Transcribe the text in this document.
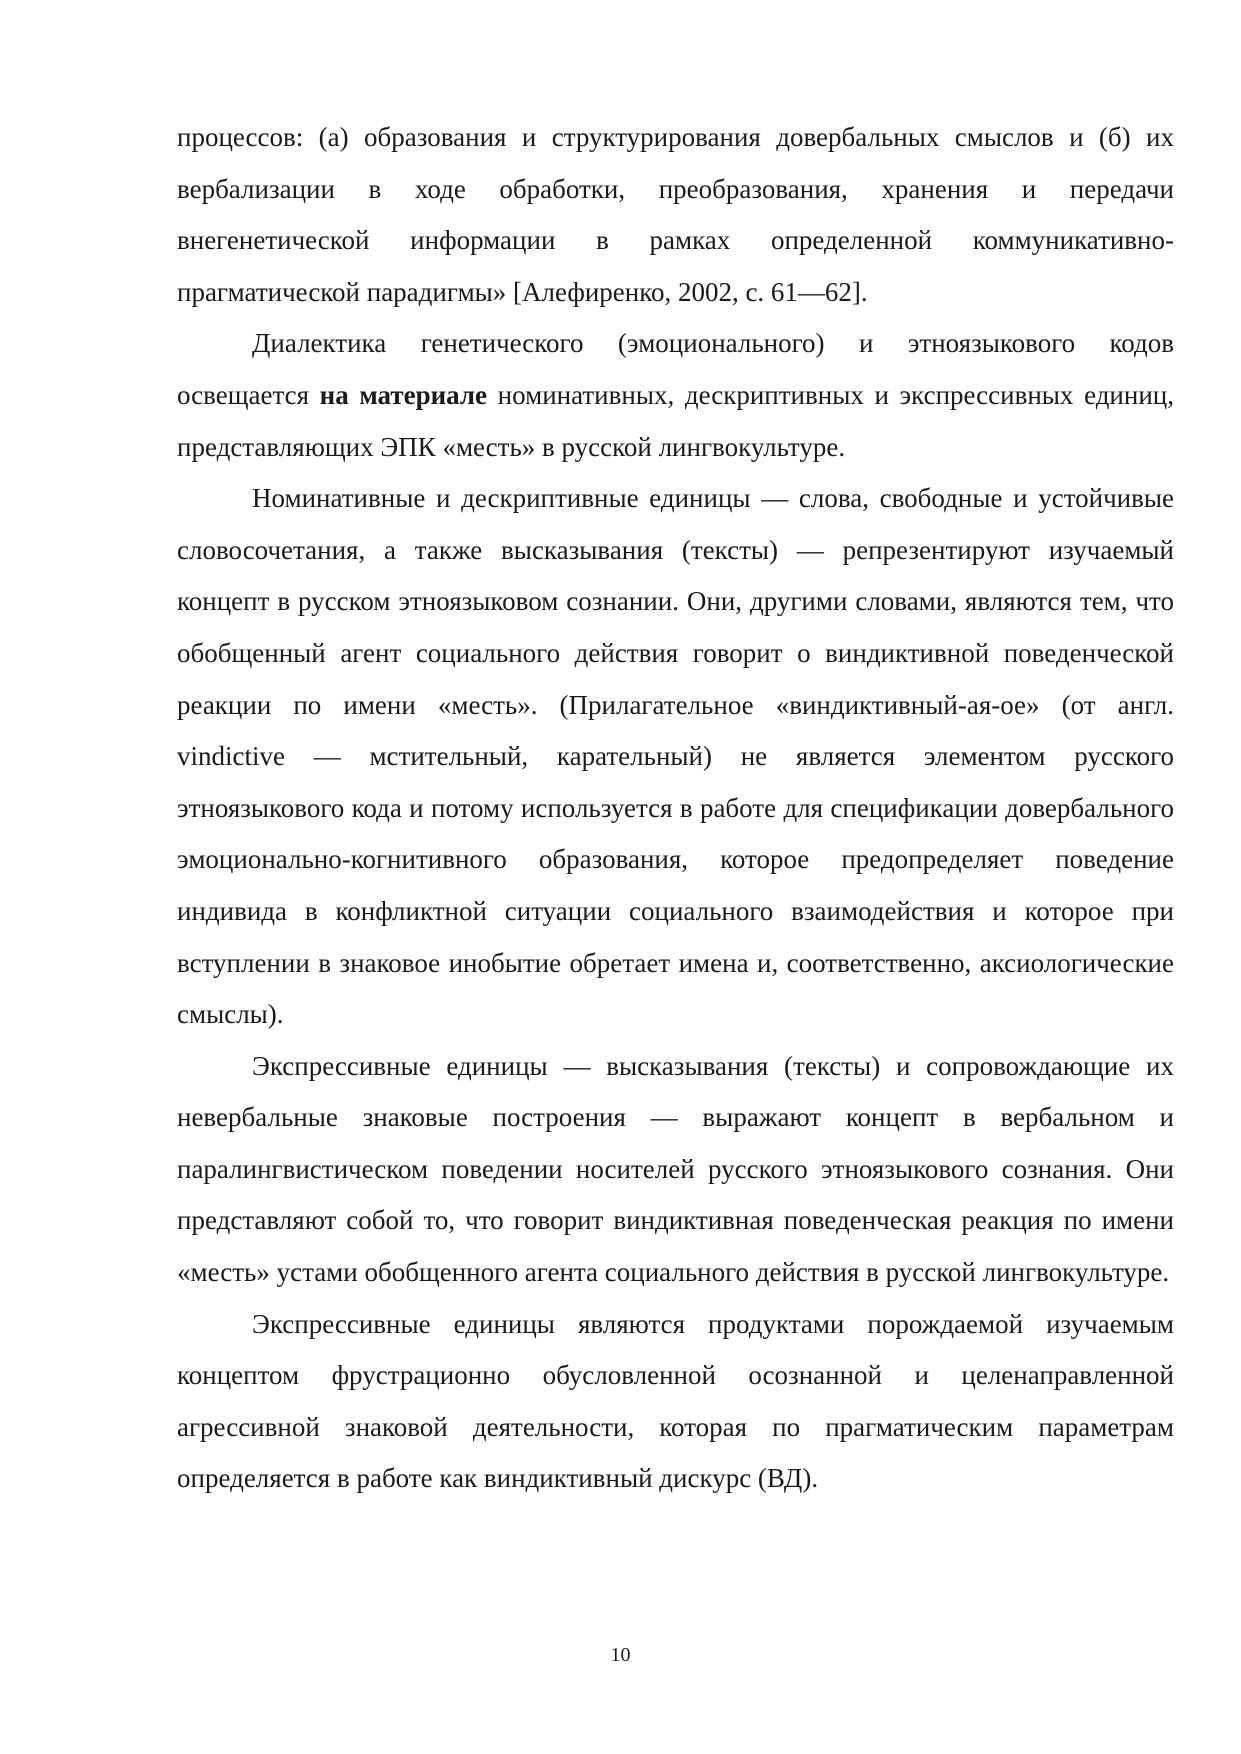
процессов: (а) образования и структурирования довербальных смыслов и (б) их вербализации в ходе обработки, преобразования, хранения и передачи внегенетической информации в рамках определенной коммуникативно-прагматической парадигмы» [Алефиренко, 2002, с. 61—62].

Диалектика генетического (эмоционального) и этноязыкового кодов освещается на материале номинативных, дескриптивных и экспрессивных единиц, представляющих ЭПК «месть» в русской лингвокультуре.

Номинативные и дескриптивные единицы — слова, свободные и устойчивые словосочетания, а также высказывания (тексты) — репрезентируют изучаемый концепт в русском этноязыковом сознании. Они, другими словами, являются тем, что обобщенный агент социального действия говорит о виндиктивной поведенческой реакции по имени «месть». (Прилагательное «виндиктивный-ая-ое» (от англ. vindictive — мстительный, карательный) не является элементом русского этноязыкового кода и потому используется в работе для спецификации довербального эмоционально-когнитивного образования, которое предопределяет поведение индивида в конфликтной ситуации социального взаимодействия и которое при вступлении в знаковое инобытие обретает имена и, соответственно, аксиологические смыслы).

Экспрессивные единицы — высказывания (тексты) и сопровождающие их невербальные знаковые построения — выражают концепт в вербальном и паралингвистическом поведении носителей русского этноязыкового сознания. Они представляют собой то, что говорит виндиктивная поведенческая реакция по имени «месть» устами обобщенного агента социального действия в русской лингвокультуре.

Экспрессивные единицы являются продуктами порождаемой изучаемым концептом фрустрационно обусловленной осознанной и целенаправленной агрессивной знаковой деятельности, которая по прагматическим параметрам определяется в работе как виндиктивный дискурс (ВД).

10
